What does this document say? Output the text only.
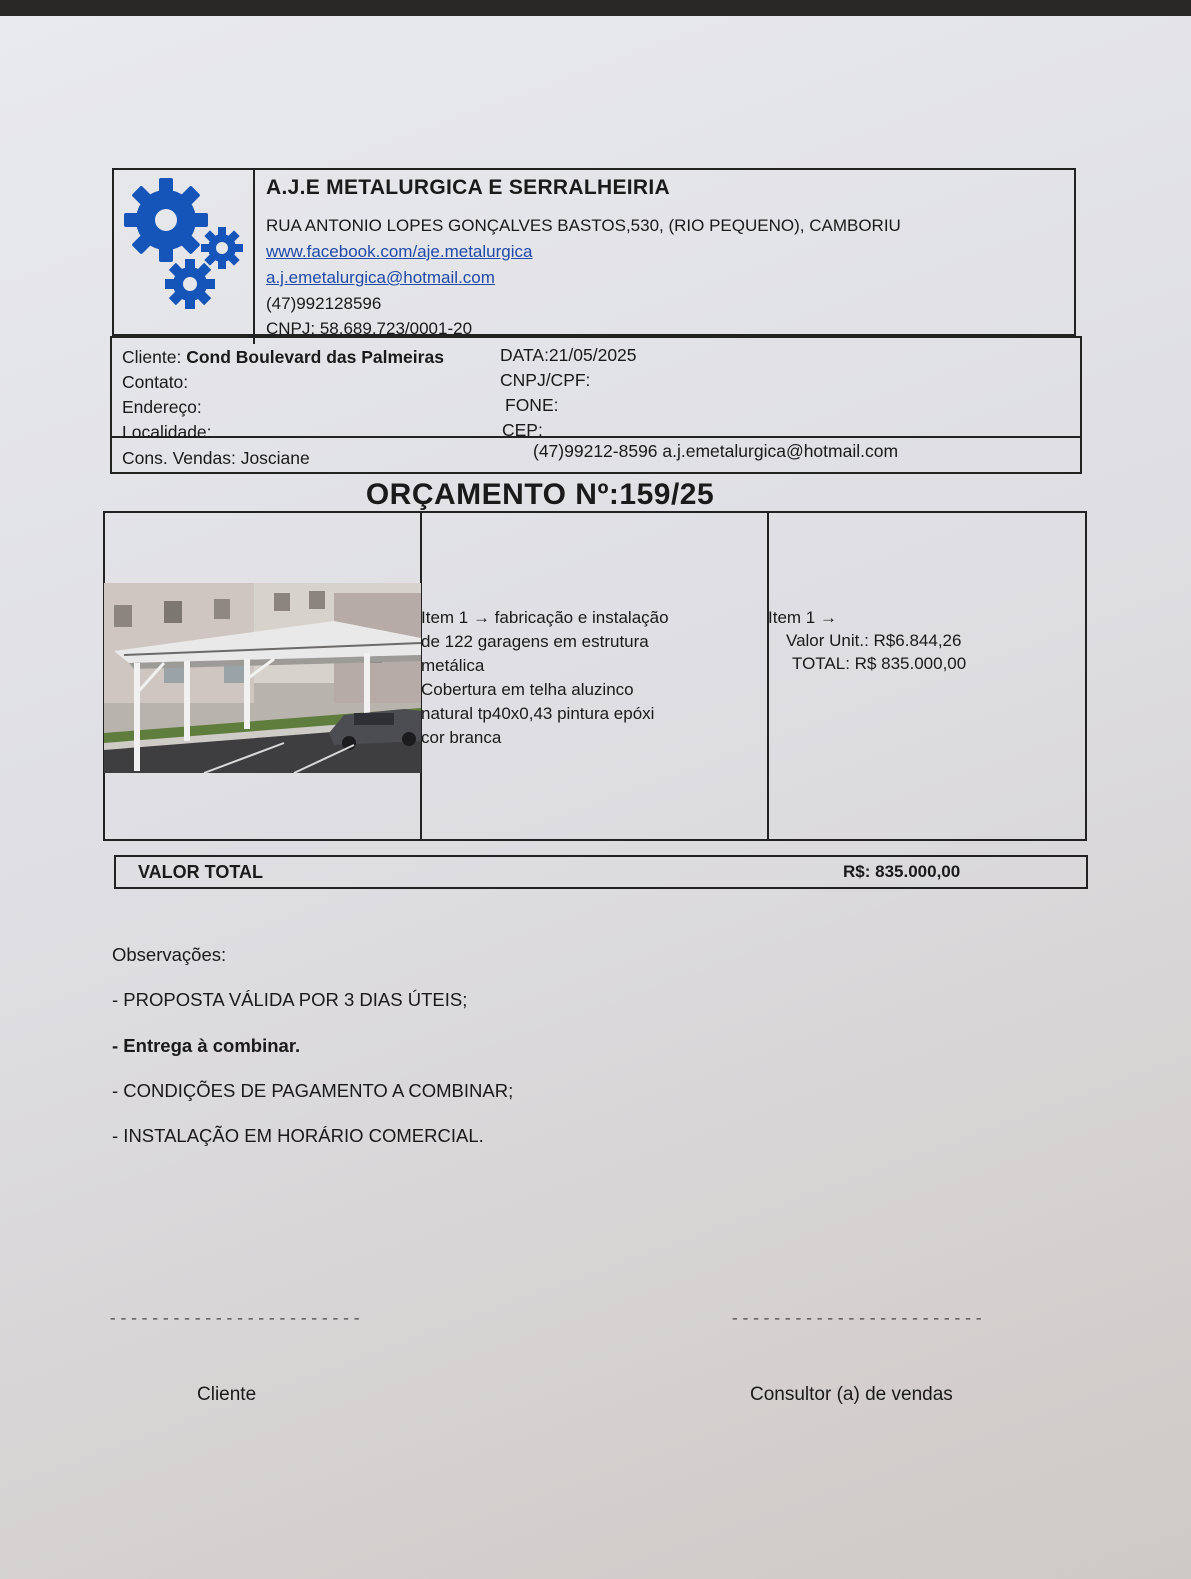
A.J.E METALURGICA E SERRALHEIRIA
RUA ANTONIO LOPES GONÇALVES BASTOS,530, (RIO PEQUENO), CAMBORIU
www.facebook.com/aje.metalurgica
a.j.emetalurgica@hotmail.com
(47)992128596
CNPJ: 58.689.723/0001-20
Cliente: Cond Boulevard das Palmeiras	DATA:21/05/2025
Contato:	CNPJ/CPF:
Endereço:	FONE:
Localidade:	CEP:
Cons. Vendas: Josciane	(47)99212-8596 a.j.emetalurgica@hotmail.com
ORÇAMENTO Nº:159/25
Item 1 → fabricação e instalação
de 122 garagens em estrutura
metálica
Cobertura em telha aluzinco
natural tp40x0,43 pintura epóxi
cor branca
Item 1 →
Valor Unit.: R$6.844,26
TOTAL: R$ 835.000,00
VALOR TOTAL	R$: 835.000,00
Observações:
- PROPOSTA VÁLIDA POR 3 DIAS ÚTEIS;
- Entrega à combinar.
- CONDIÇÕES DE PAGAMENTO A COMBINAR;
- INSTALAÇÃO EM HORÁRIO COMERCIAL.
------------------------	------------------------
Cliente	Consultor (a) de vendas
